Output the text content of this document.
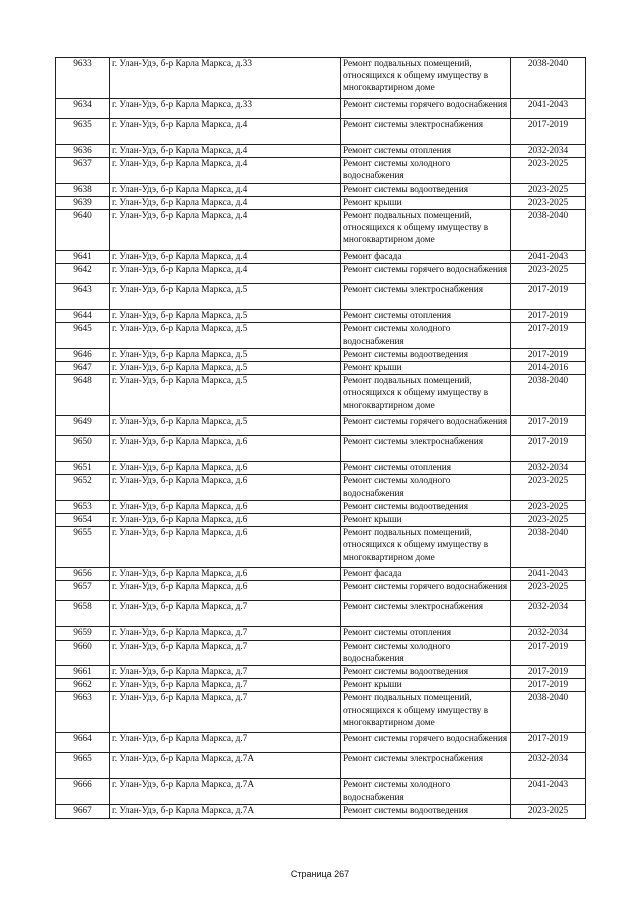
9633	г. Улан-Удэ, б-р Карла Маркса, д.33	Ремонт подвальных помещений, относящихся к общему имуществу в многоквартирном доме	2038-2040
9634	г. Улан-Удэ, б-р Карла Маркса, д.33	Ремонт системы горячего водоснабжения	2041-2043
9635	г. Улан-Удэ, б-р Карла Маркса, д.4	Ремонт системы электроснабжения	2017-2019
9636	г. Улан-Удэ, б-р Карла Маркса, д.4	Ремонт системы отопления	2032-2034
9637	г. Улан-Удэ, б-р Карла Маркса, д.4	Ремонт системы холодного водоснабжения	2023-2025
9638	г. Улан-Удэ, б-р Карла Маркса, д.4	Ремонт системы водоотведения	2023-2025
9639	г. Улан-Удэ, б-р Карла Маркса, д.4	Ремонт крыши	2023-2025
9640	г. Улан-Удэ, б-р Карла Маркса, д.4	Ремонт подвальных помещений, относящихся к общему имуществу в многоквартирном доме	2038-2040
9641	г. Улан-Удэ, б-р Карла Маркса, д.4	Ремонт фасада	2041-2043
9642	г. Улан-Удэ, б-р Карла Маркса, д.4	Ремонт системы горячего водоснабжения	2023-2025
9643	г. Улан-Удэ, б-р Карла Маркса, д.5	Ремонт системы электроснабжения	2017-2019
9644	г. Улан-Удэ, б-р Карла Маркса, д.5	Ремонт системы отопления	2017-2019
9645	г. Улан-Удэ, б-р Карла Маркса, д.5	Ремонт системы холодного водоснабжения	2017-2019
9646	г. Улан-Удэ, б-р Карла Маркса, д.5	Ремонт системы водоотведения	2017-2019
9647	г. Улан-Удэ, б-р Карла Маркса, д.5	Ремонт крыши	2014-2016
9648	г. Улан-Удэ, б-р Карла Маркса, д.5	Ремонт подвальных помещений, относящихся к общему имуществу в многоквартирном доме	2038-2040
9649	г. Улан-Удэ, б-р Карла Маркса, д.5	Ремонт системы горячего водоснабжения	2017-2019
9650	г. Улан-Удэ, б-р Карла Маркса, д.6	Ремонт системы электроснабжения	2017-2019
9651	г. Улан-Удэ, б-р Карла Маркса, д.6	Ремонт системы отопления	2032-2034
9652	г. Улан-Удэ, б-р Карла Маркса, д.6	Ремонт системы холодного водоснабжения	2023-2025
9653	г. Улан-Удэ, б-р Карла Маркса, д.6	Ремонт системы водоотведения	2023-2025
9654	г. Улан-Удэ, б-р Карла Маркса, д.6	Ремонт крыши	2023-2025
9655	г. Улан-Удэ, б-р Карла Маркса, д.6	Ремонт подвальных помещений, относящихся к общему имуществу в многоквартирном доме	2038-2040
9656	г. Улан-Удэ, б-р Карла Маркса, д.6	Ремонт фасада	2041-2043
9657	г. Улан-Удэ, б-р Карла Маркса, д.6	Ремонт системы горячего водоснабжения	2023-2025
9658	г. Улан-Удэ, б-р Карла Маркса, д.7	Ремонт системы электроснабжения	2032-2034
9659	г. Улан-Удэ, б-р Карла Маркса, д.7	Ремонт системы отопления	2032-2034
9660	г. Улан-Удэ, б-р Карла Маркса, д.7	Ремонт системы холодного водоснабжения	2017-2019
9661	г. Улан-Удэ, б-р Карла Маркса, д.7	Ремонт системы водоотведения	2017-2019
9662	г. Улан-Удэ, б-р Карла Маркса, д.7	Ремонт крыши	2017-2019
9663	г. Улан-Удэ, б-р Карла Маркса, д.7	Ремонт подвальных помещений, относящихся к общему имуществу в многоквартирном доме	2038-2040
9664	г. Улан-Удэ, б-р Карла Маркса, д.7	Ремонт системы горячего водоснабжения	2017-2019
9665	г. Улан-Удэ, б-р Карла Маркса, д.7А	Ремонт системы электроснабжения	2032-2034
9666	г. Улан-Удэ, б-р Карла Маркса, д.7А	Ремонт системы холодного водоснабжения	2041-2043
9667	г. Улан-Удэ, б-р Карла Маркса, д.7А	Ремонт системы водоотведения	2023-2025
Страница 267
